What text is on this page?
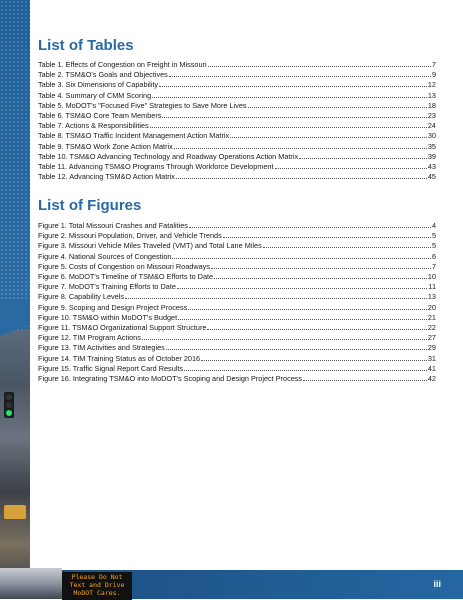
Please Do Not
Text and Drive
MoDOT Cares.
iii
List of Tables
Table 1. Effects of Congestion on Freight in Missouri	7
Table 2. TSM&O's Goals and Objectives	9
Table 3. Six Dimensions of Capability	12
Table 4. Summary of CMM Scoring	13
Table 5. MoDOT's "Focused Five" Strategies to Save More Lives	18
Table 6. TSM&O Core Team Members	23
Table 7. Actions & Responsibilities	24
Table 8. TSM&O Traffic Incident Management Action Matrix	30
Table 9. TSM&O Work Zone Action Matrix	35
Table 10. TSM&O Advancing Technology and Roadway Operations Action Matrix	39
Table 11. Advancing TSM&O Programs Through Workforce Development	43
Table 12. Advancing TSM&O Action Matrix	45
List of Figures
Figure 1. Total Missouri Crashes and Fatalities	4
Figure 2. Missouri Population, Driver, and Vehicle Trends	5
Figure 3. Missouri Vehicle Miles Traveled (VMT) and Total Lane Miles	5
Figure 4. National Sources of Congestion	6
Figure 5. Costs of Congestion on Missouri Roadways	7
Figure 6. MoDOT's Timeline of TSM&O Efforts to Date	10
Figure 7. MoDOT's Training Efforts to Date	11
Figure 8. Capability Levels	13
Figure 9. Scoping and Design Project Process	20
Figure 10. TSM&O within MoDOT's Budget	21
Figure 11. TSM&O Organizational Support Structure	22
Figure 12. TIM Program Actions	27
Figure 13. TIM Activities and Strategies	29
Figure 14. TIM Training Status as of October 2016	31
Figure 15. Traffic Signal Report Card Results	41
Figure 16. Integrating TSM&O into MoDOT's Scoping and Design Project Process	42
